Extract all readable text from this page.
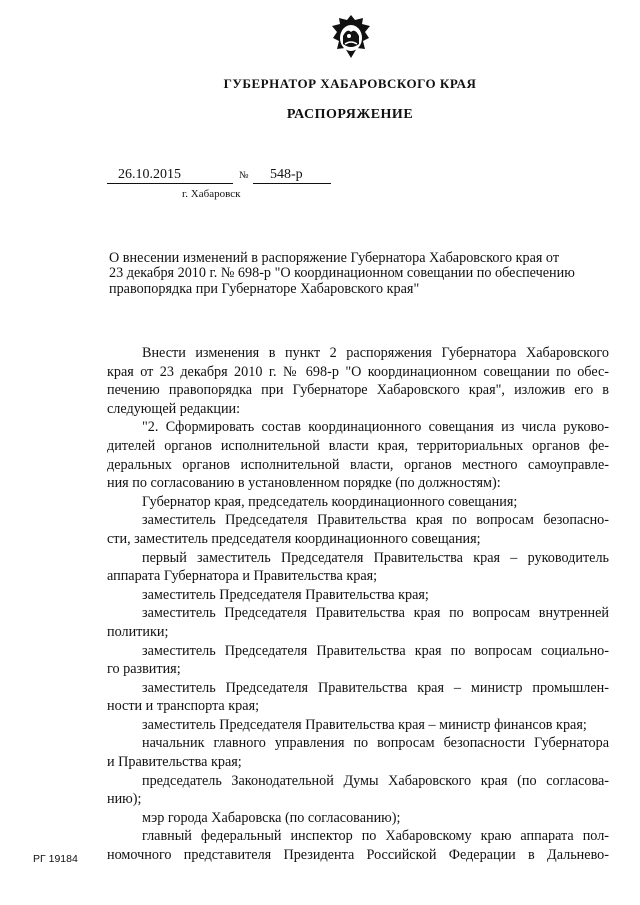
ГУБЕРНАТОР ХАБАРОВСКОГО КРАЯ
РАСПОРЯЖЕНИЕ
26.10.2015	№ 548-р
г. Хабаровск
О внесении изменений в распоряжение Губернатора Хабаровского края от
23 декабря 2010 г. № 698-р "О координационном совещании по обеспечению
правопорядка при Губернаторе Хабаровского края"
Внести изменения в пункт 2 распоряжения Губернатора Хабаровского
края от 23 декабря 2010 г. № 698-р "О координационном совещании по обес-
печению правопорядка при Губернаторе Хабаровского края", изложив его в
следующей редакции:
"2. Сформировать состав координационного совещания из числа руково-
дителей органов исполнительной власти края, территориальных органов фе-
деральных органов исполнительной власти, органов местного самоуправле-
ния по согласованию в установленном порядке (по должностям):
Губернатор края, председатель координационного совещания;
заместитель Председателя Правительства края по вопросам безопасно-
сти, заместитель председателя координационного совещания;
первый заместитель Председателя Правительства края – руководитель
аппарата Губернатора и Правительства края;
заместитель Председателя Правительства края;
заместитель Председателя Правительства края по вопросам внутренней
политики;
заместитель Председателя Правительства края по вопросам социально-
го развития;
заместитель Председателя Правительства края – министр промышлен-
ности и транспорта края;
заместитель Председателя Правительства края – министр финансов края;
начальник главного управления по вопросам безопасности Губернатора
и Правительства края;
председатель Законодательной Думы Хабаровского края (по согласова-
нию);
мэр города Хабаровска (по согласованию);
главный федеральный инспектор по Хабаровскому краю аппарата пол-
номочного представителя Президента Российской Федерации в Дальнево-
РГ 19184
